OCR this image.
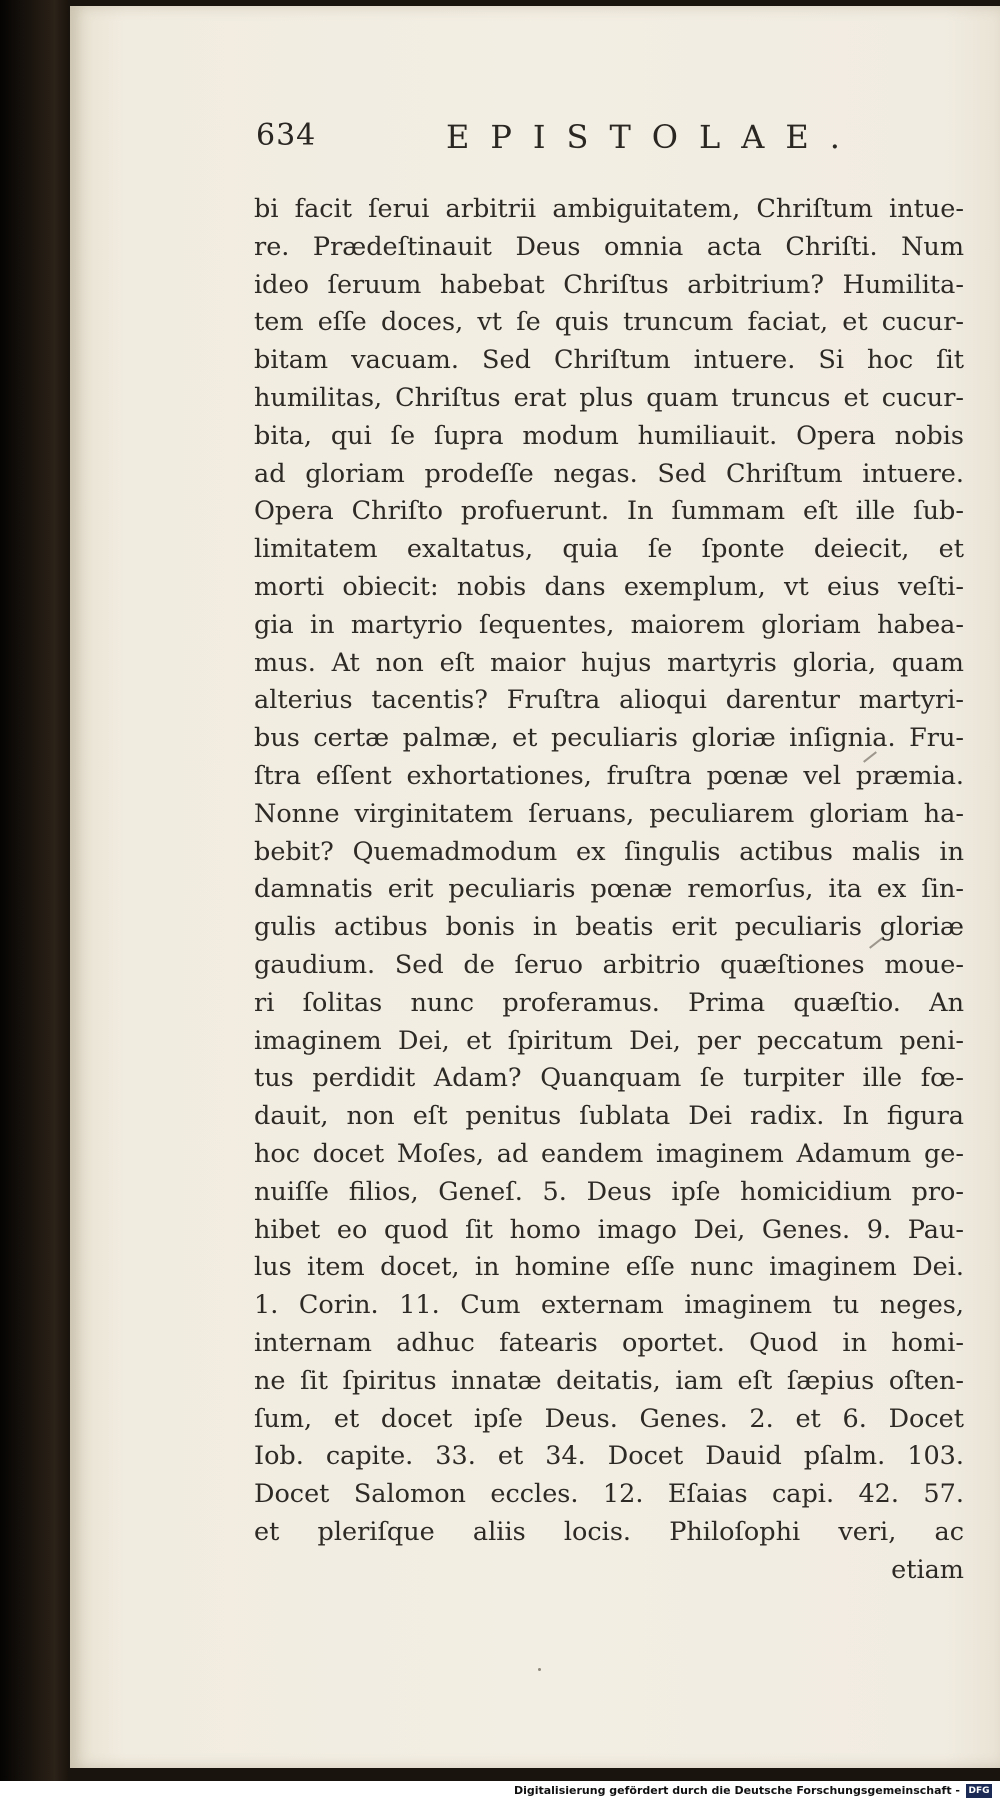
634	EPISTOLAE.
bi facit ſerui arbitrii ambiguitatem, Chriſtum intue-
re. Prædeſtinauit Deus omnia acta Chriſti. Num
ideo ſeruum habebat Chriſtus arbitrium? Humilita-
tem eſſe doces, vt ſe quis truncum faciat, et cucur-
bitam vacuam. Sed Chriſtum intuere. Si hoc ſit
humilitas, Chriſtus erat plus quam truncus et cucur-
bita, qui ſe ſupra modum humiliauit. Opera nobis
ad gloriam prodeſſe negas. Sed Chriſtum intuere.
Opera Chriſto profuerunt. In ſummam eſt ille ſub-
limitatem exaltatus, quia ſe ſponte deiecit, et
morti obiecit: nobis dans exemplum, vt eius veſti-
gia in martyrio ſequentes, maiorem gloriam habea-
mus. At non eſt maior hujus martyris gloria, quam
alterius tacentis? Fruſtra alioqui darentur martyri-
bus certæ palmæ, et peculiaris gloriæ inſignia. Fru-
ſtra eſſent exhortationes, fruſtra pœnæ vel præmia.
Nonne virginitatem ſeruans, peculiarem gloriam ha-
bebit? Quemadmodum ex ſingulis actibus malis in
damnatis erit peculiaris pœnæ remorſus, ita ex ſin-
gulis actibus bonis in beatis erit peculiaris gloriæ
gaudium. Sed de ſeruo arbitrio quæſtiones moue-
ri ſolitas nunc proferamus. Prima quæſtio. An
imaginem Dei, et ſpiritum Dei, per peccatum peni-
tus perdidit Adam? Quanquam ſe turpiter ille fœ-
dauit, non eſt penitus ſublata Dei radix. In figura
hoc docet Moſes, ad eandem imaginem Adamum ge-
nuiſſe filios, Geneſ. 5. Deus ipſe homicidium pro-
hibet eo quod ſit homo imago Dei, Genes. 9. Pau-
lus item docet, in homine eſſe nunc imaginem Dei.
1. Corin. 11. Cum externam imaginem tu neges,
internam adhuc fatearis oportet. Quod in homi-
ne ſit ſpiritus innatæ deitatis, iam eſt ſæpius oſten-
ſum, et docet ipſe Deus. Genes. 2. et 6. Docet
Iob. capite. 33. et 34. Docet Dauid pſalm. 103.
Docet Salomon eccles. 12. Eſaias capi. 42. 57.
et pleriſque aliis locis. Philoſophi veri, ac
etiam
Digitalisierung gefördert durch die Deutsche Forschungsgemeinschaft - DFG
